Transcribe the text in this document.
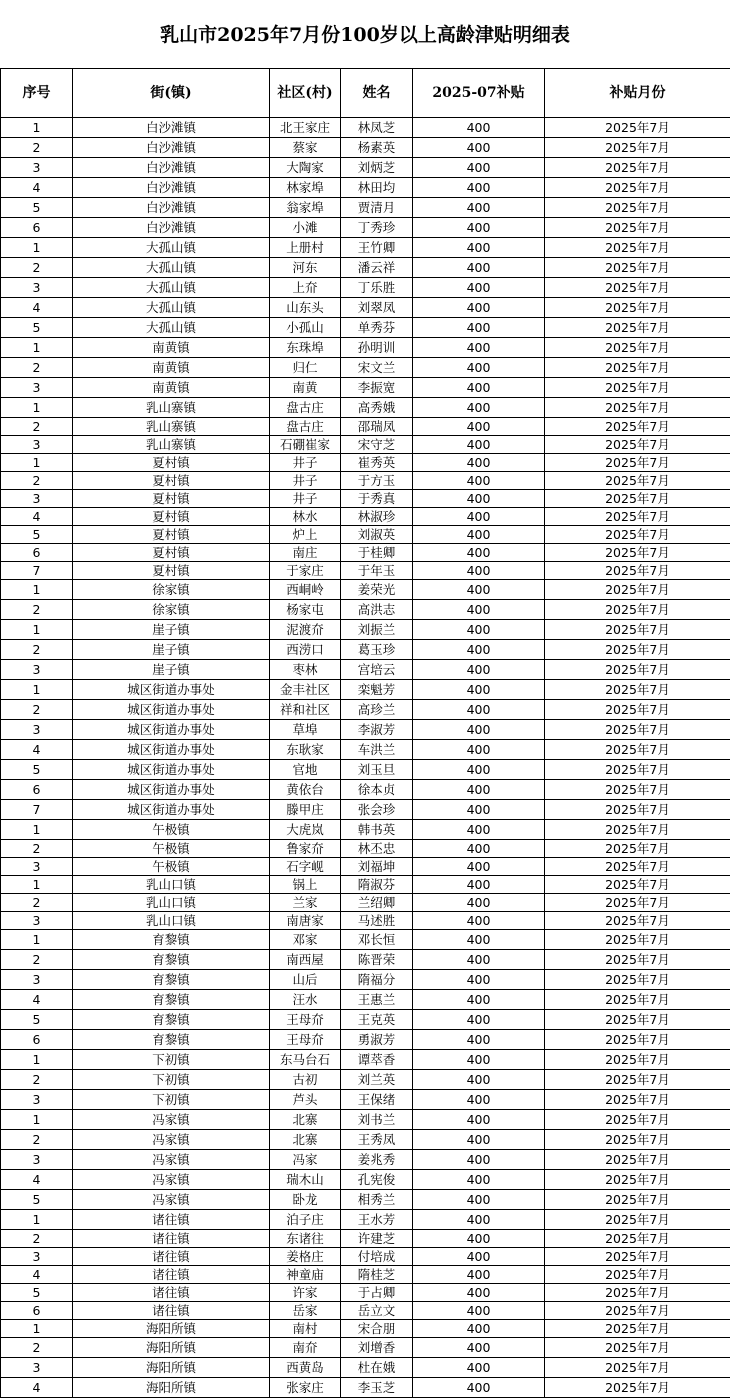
乳山市2025年7月份100岁以上高龄津贴明细表
序号	街(镇)	社区(村)	姓名	2025-07补贴	补贴月份
1	白沙滩镇	北王家庄	林凤芝	400	2025年7月
2	白沙滩镇	蔡家	杨素英	400	2025年7月
3	白沙滩镇	大陶家	刘炳芝	400	2025年7月
4	白沙滩镇	林家埠	林田均	400	2025年7月
5	白沙滩镇	翁家埠	贾清月	400	2025年7月
6	白沙滩镇	小滩	丁秀珍	400	2025年7月
1	大孤山镇	上册村	王竹卿	400	2025年7月
2	大孤山镇	河东	潘云祥	400	2025年7月
3	大孤山镇	上夼	丁乐胜	400	2025年7月
4	大孤山镇	山东头	刘翠凤	400	2025年7月
5	大孤山镇	小孤山	单秀芬	400	2025年7月
1	南黄镇	东珠埠	孙明训	400	2025年7月
2	南黄镇	归仁	宋文兰	400	2025年7月
3	南黄镇	南黄	李振宽	400	2025年7月
1	乳山寨镇	盘古庄	高秀娥	400	2025年7月
2	乳山寨镇	盘古庄	邵瑞凤	400	2025年7月
3	乳山寨镇	石硼崔家	宋守芝	400	2025年7月
1	夏村镇	井子	崔秀英	400	2025年7月
2	夏村镇	井子	于方玉	400	2025年7月
3	夏村镇	井子	于秀真	400	2025年7月
4	夏村镇	林水	林淑珍	400	2025年7月
5	夏村镇	炉上	刘淑英	400	2025年7月
6	夏村镇	南庄	于桂卿	400	2025年7月
7	夏村镇	于家庄	于年玉	400	2025年7月
1	徐家镇	西峒岭	姜荣光	400	2025年7月
2	徐家镇	杨家屯	高洪志	400	2025年7月
1	崖子镇	泥渡夼	刘振兰	400	2025年7月
2	崖子镇	西涝口	葛玉珍	400	2025年7月
3	崖子镇	枣林	宫培云	400	2025年7月
1	城区街道办事处	金丰社区	栾魁芳	400	2025年7月
2	城区街道办事处	祥和社区	高珍兰	400	2025年7月
3	城区街道办事处	草埠	李淑芳	400	2025年7月
4	城区街道办事处	东耿家	车洪兰	400	2025年7月
5	城区街道办事处	官地	刘玉旦	400	2025年7月
6	城区街道办事处	黄依台	徐本贞	400	2025年7月
7	城区街道办事处	滕甲庄	张会珍	400	2025年7月
1	午极镇	大虎岚	韩书英	400	2025年7月
2	午极镇	鲁家夼	林丕忠	400	2025年7月
3	午极镇	石字岘	刘福坤	400	2025年7月
1	乳山口镇	锅上	隋淑芬	400	2025年7月
2	乳山口镇	兰家	兰绍卿	400	2025年7月
3	乳山口镇	南唐家	马述胜	400	2025年7月
1	育黎镇	邓家	邓长恒	400	2025年7月
2	育黎镇	南西屋	陈晋荣	400	2025年7月
3	育黎镇	山后	隋福分	400	2025年7月
4	育黎镇	汪水	王惠兰	400	2025年7月
5	育黎镇	王母夼	王克英	400	2025年7月
6	育黎镇	王母夼	勇淑芳	400	2025年7月
1	下初镇	东马台石	谭萃香	400	2025年7月
2	下初镇	古初	刘兰英	400	2025年7月
3	下初镇	芦头	王保绪	400	2025年7月
1	冯家镇	北寨	刘书兰	400	2025年7月
2	冯家镇	北寨	王秀凤	400	2025年7月
3	冯家镇	冯家	姜兆秀	400	2025年7月
4	冯家镇	瑞木山	孔宪俊	400	2025年7月
5	冯家镇	卧龙	相秀兰	400	2025年7月
1	诸往镇	泊子庄	王水芳	400	2025年7月
2	诸往镇	东诸往	许建芝	400	2025年7月
3	诸往镇	姜格庄	付培成	400	2025年7月
4	诸往镇	神童庙	隋桂芝	400	2025年7月
5	诸往镇	许家	于占卿	400	2025年7月
6	诸往镇	岳家	岳立文	400	2025年7月
1	海阳所镇	南村	宋合朋	400	2025年7月
2	海阳所镇	南夼	刘增香	400	2025年7月
3	海阳所镇	西黄岛	杜在娥	400	2025年7月
4	海阳所镇	张家庄	李玉芝	400	2025年7月
